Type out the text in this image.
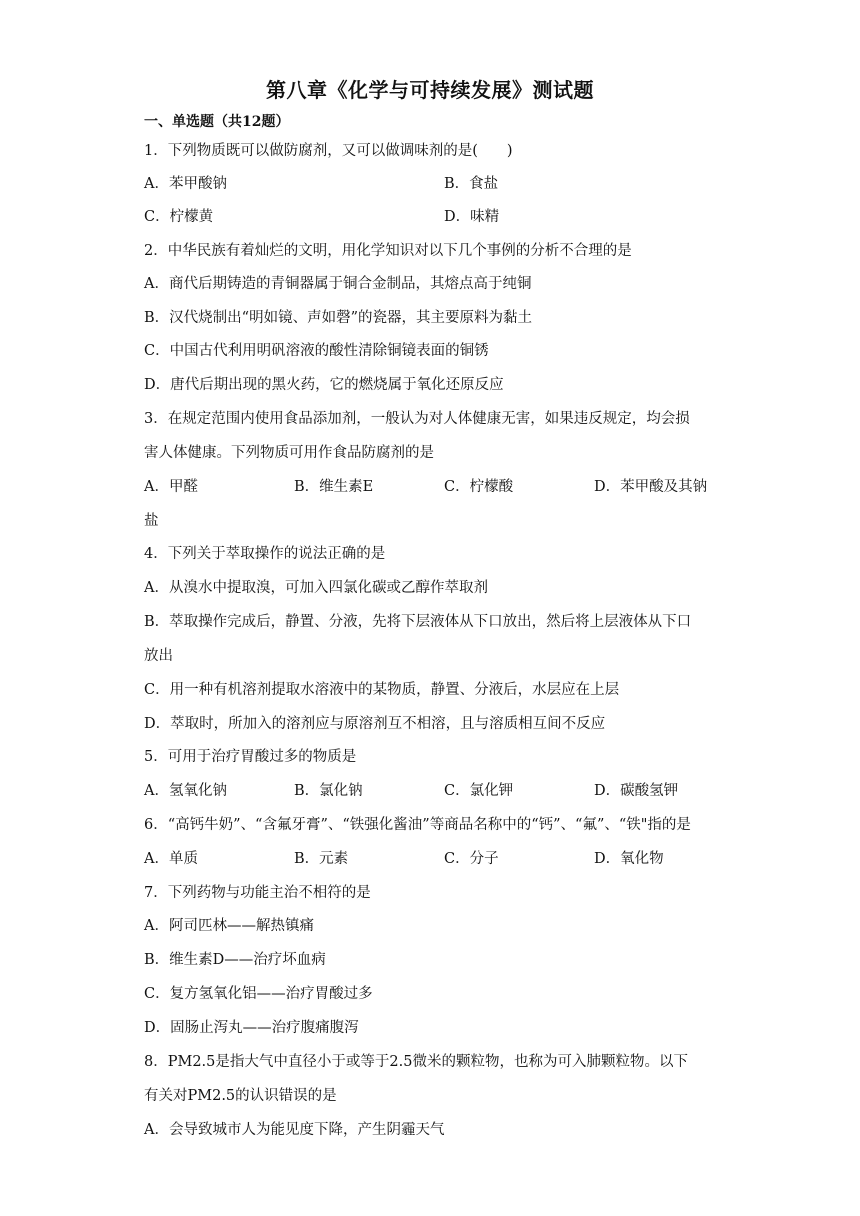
第八章《化学与可持续发展》测试题
一、单选题（共12题）
1．下列物质既可以做防腐剂，又可以做调味剂的是(　　)
A．苯甲酸钠	B．食盐
C．柠檬黄	D．味精
2．中华民族有着灿烂的文明，用化学知识对以下几个事例的分析不合理的是
A．商代后期铸造的青铜器属于铜合金制品，其熔点高于纯铜
B．汉代烧制出“明如镜、声如磬”的瓷器，其主要原料为黏土
C．中国古代利用明矾溶液的酸性清除铜镜表面的铜锈
D．唐代后期出现的黑火药，它的燃烧属于氧化还原反应
3．在规定范围内使用食品添加剂，一般认为对人体健康无害，如果违反规定，均会损
害人体健康。下列物质可用作食品防腐剂的是
A．甲醛	B．维生素E	C．柠檬酸	D．苯甲酸及其钠
盐
4．下列关于萃取操作的说法正确的是
A．从溴水中提取溴，可加入四氯化碳或乙醇作萃取剂
B．萃取操作完成后，静置、分液，先将下层液体从下口放出，然后将上层液体从下口
放出
C．用一种有机溶剂提取水溶液中的某物质，静置、分液后，水层应在上层
D．萃取时，所加入的溶剂应与原溶剂互不相溶，且与溶质相互间不反应
5．可用于治疗胃酸过多的物质是
A．氢氧化钠	B．氯化钠	C．氯化钾	D．碳酸氢钾
6．“高钙牛奶”、“含氟牙膏”、“铁强化酱油”等商品名称中的“钙”、“氟”、“铁"指的是
A．单质	B．元素	C．分子	D．氧化物
7．下列药物与功能主治不相符的是
A．阿司匹林——解热镇痛
B．维生素D——治疗坏血病
C．复方氢氧化铝——治疗胃酸过多
D．固肠止泻丸——治疗腹痛腹泻
8．PM2.5是指大气中直径小于或等于2.5微米的颗粒物，也称为可入肺颗粒物。以下
有关对PM2.5的认识错误的是
A．会导致城市人为能见度下降，产生阴霾天气
